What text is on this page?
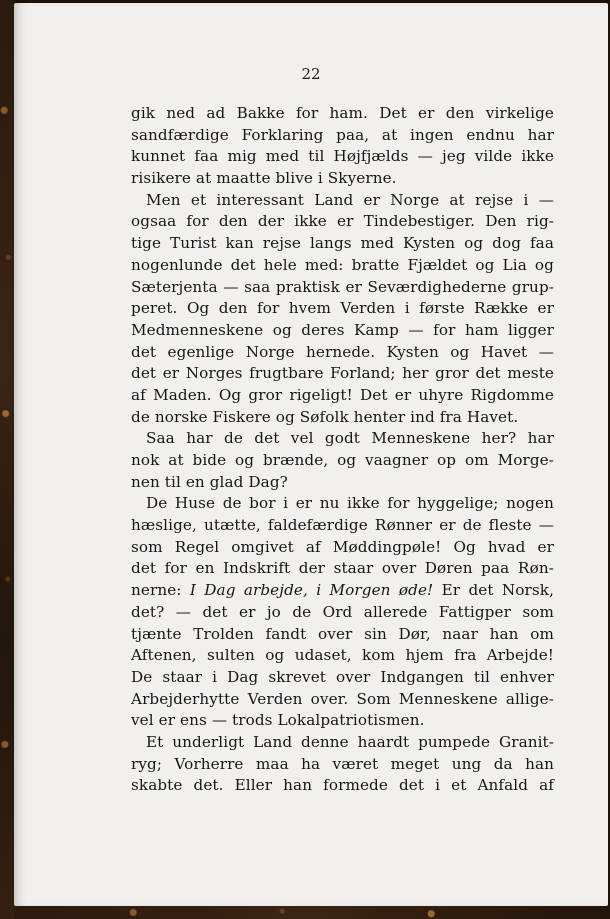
22
gik ned ad Bakke for ham. Det er den virkelige
sandfærdige Forklaring paa, at ingen endnu har
kunnet faa mig med til Højfjælds — jeg vilde ikke
risikere at maatte blive i Skyerne.
Men et interessant Land er Norge at rejse i —
ogsaa for den der ikke er Tindebestiger. Den rig-
tige Turist kan rejse langs med Kysten og dog faa
nogenlunde det hele med: bratte Fjældet og Lia og
Sæterjenta — saa praktisk er Seværdighederne grup-
peret. Og den for hvem Verden i første Række er
Medmenneskene og deres Kamp — for ham ligger
det egenlige Norge hernede. Kysten og Havet —
det er Norges frugtbare Forland; her gror det meste
af Maden. Og gror rigeligt! Det er uhyre Rigdomme
de norske Fiskere og Søfolk henter ind fra Havet.
Saa har de det vel godt Menneskene her? har
nok at bide og brænde, og vaagner op om Morge-
nen til en glad Dag?
De Huse de bor i er nu ikke for hyggelige; nogen
hæslige, utætte, faldefærdige Rønner er de fleste —
som Regel omgivet af Møddingpøle! Og hvad er
det for en Indskrift der staar over Døren paa Røn-
nerne: I Dag arbejde, i Morgen øde! Er det Norsk,
det? — det er jo de Ord allerede Fattigper som
tjænte Trolden fandt over sin Dør, naar han om
Aftenen, sulten og udaset, kom hjem fra Arbejde!
De staar i Dag skrevet over Indgangen til enhver
Arbejderhytte Verden over. Som Menneskene allige-
vel er ens — trods Lokalpatriotismen.
Et underligt Land denne haardt pumpede Granit-
ryg; Vorherre maa ha været meget ung da han
skabte det. Eller han formede det i et Anfald af
